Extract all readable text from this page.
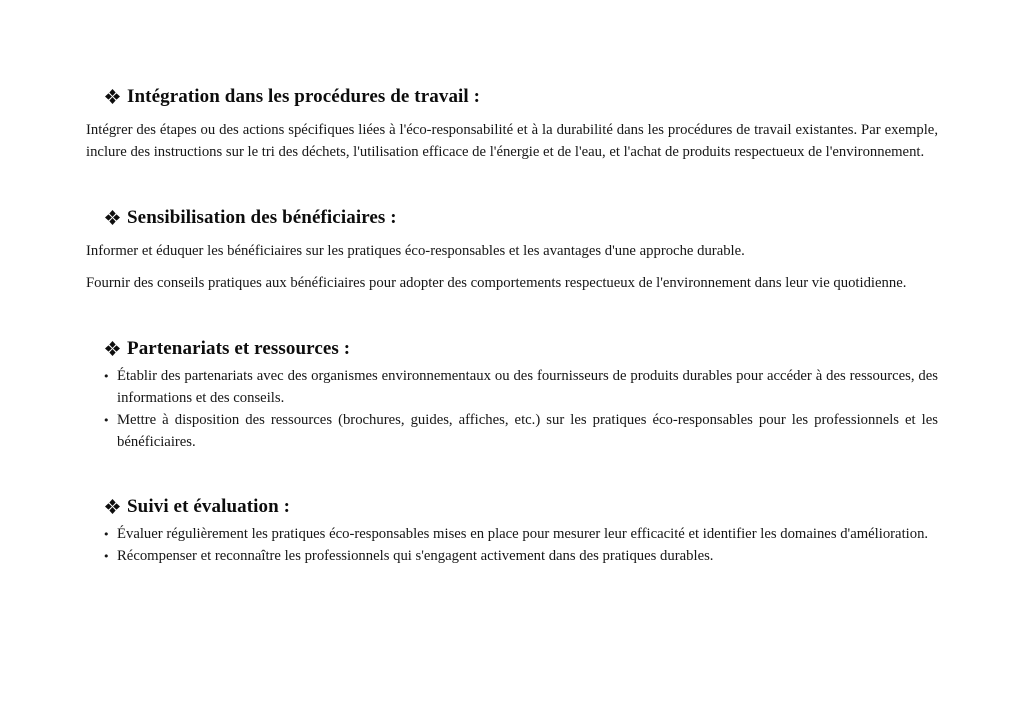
Intégration dans les procédures de travail :

Intégrer des étapes ou des actions spécifiques liées à l'éco-responsabilité et à la durabilité dans les procédures de travail existantes. Par exemple, inclure des instructions sur le tri des déchets, l'utilisation efficace de l'énergie et de l'eau, et l'achat de produits respectueux de l'environnement.

Sensibilisation des bénéficiaires :

Informer et éduquer les bénéficiaires sur les pratiques éco-responsables et les avantages d'une approche durable.

Fournir des conseils pratiques aux bénéficiaires pour adopter des comportements respectueux de l'environnement dans leur vie quotidienne.

Partenariats et ressources :
• Établir des partenariats avec des organismes environnementaux ou des fournisseurs de produits durables pour accéder à des ressources, des informations et des conseils.
• Mettre à disposition des ressources (brochures, guides, affiches, etc.) sur les pratiques éco-responsables pour les professionnels et les bénéficiaires.
Suivi et évaluation :
• Évaluer régulièrement les pratiques éco-responsables mises en place pour mesurer leur efficacité et identifier les domaines d'amélioration.
• Récompenser et reconnaître les professionnels qui s'engagent activement dans des pratiques durables.
